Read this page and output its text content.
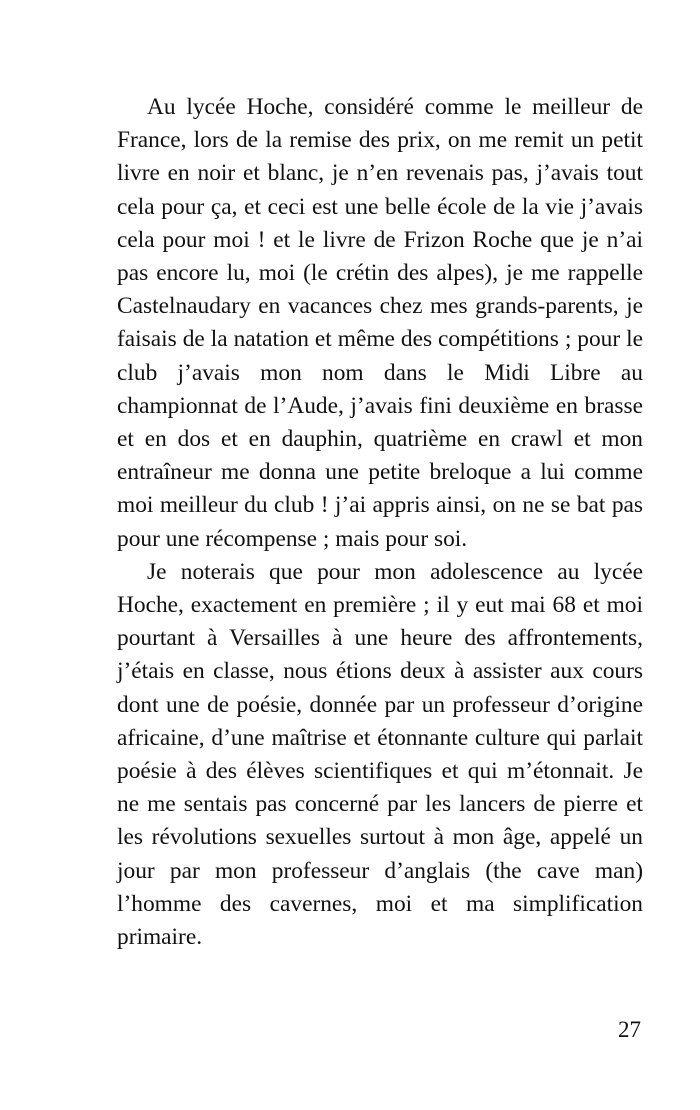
Au lycée Hoche, considéré comme le meilleur de France, lors de la remise des prix, on me remit un petit livre en noir et blanc, je n’en revenais pas, j’avais tout cela pour ça, et ceci est une belle école de la vie j’avais cela pour moi ! et le livre de Frizon Roche que je n’ai pas encore lu, moi (le crétin des alpes), je me rappelle Castelnaudary en vacances chez mes grands-parents, je faisais de la natation et même des compétitions ; pour le club j’avais mon nom dans le Midi Libre au championnat de l’Aude, j’avais fini deuxième en brasse et en dos et en dauphin, quatrième en crawl et mon entraîneur me donna une petite breloque a lui comme moi meilleur du club ! j’ai appris ainsi, on ne se bat pas pour une récompense ; mais pour soi.

Je noterais que pour mon adolescence au lycée Hoche, exactement en première ; il y eut mai 68 et moi pourtant à Versailles à une heure des affrontements, j’étais en classe, nous étions deux à assister aux cours dont une de poésie, donnée par un professeur d’origine africaine, d’une maîtrise et étonnante culture qui parlait poésie à des élèves scientifiques et qui m’étonnait. Je ne me sentais pas concerné par les lancers de pierre et les révolutions sexuelles surtout à mon âge, appelé un jour par mon professeur d’anglais (the cave man) l’homme des cavernes, moi et ma simplification primaire.

27
